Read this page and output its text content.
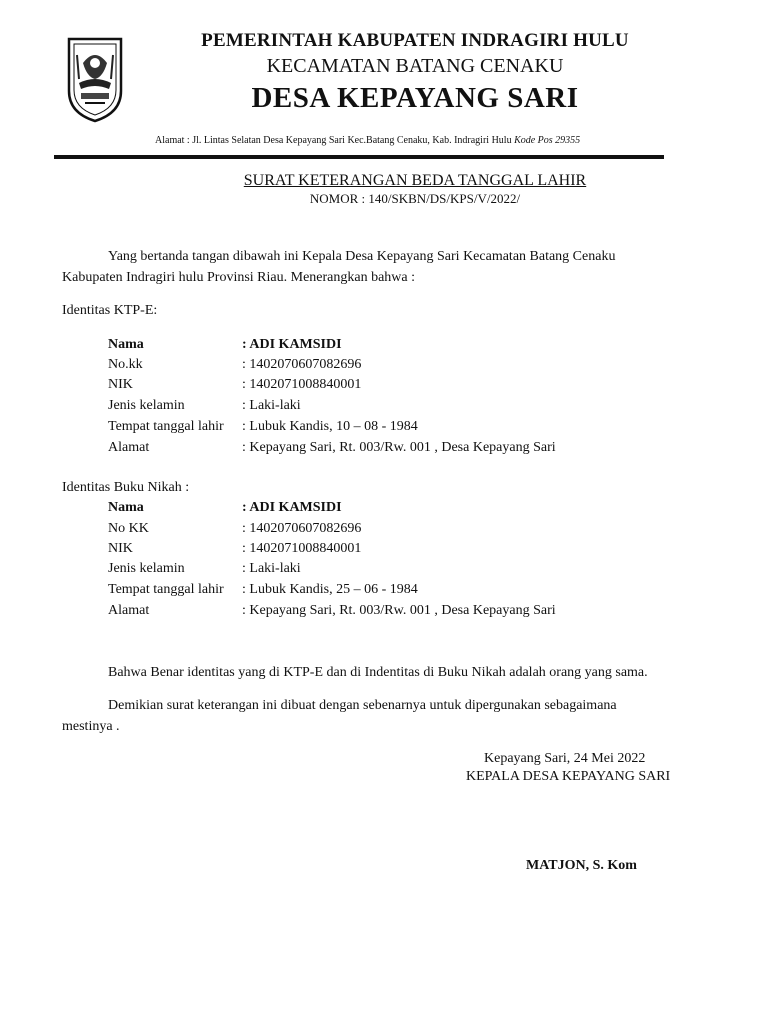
PEMERINTAH KABUPATEN INDRAGIRI HULU
KECAMATAN BATANG CENAKU
DESA KEPAYANG SARI
Alamat : Jl. Lintas Selatan Desa Kepayang Sari Kec.Batang Cenaku, Kab. Indragiri Hulu Kode Pos 29355
SURAT KETERANGAN BEDA TANGGAL LAHIR
NOMOR : 140/SKBN/DS/KPS/V/2022/
Yang bertanda tangan dibawah ini Kepala Desa Kepayang Sari Kecamatan Batang Cenaku
Kabupaten Indragiri hulu Provinsi Riau. Menerangkan bahwa :
Identitas KTP-E:
Nama	: ADI KAMSIDI
No.kk	: 1402070607082696
NIK	: 1402071008840001
Jenis kelamin	: Laki-laki
Tempat tanggal lahir : Lubuk Kandis, 10 – 08 - 1984
Alamat	: Kepayang Sari, Rt. 003/Rw. 001 , Desa Kepayang Sari
Identitas Buku Nikah :
Nama	: ADI KAMSIDI
No KK	: 1402070607082696
NIK	: 1402071008840001
Jenis kelamin	: Laki-laki
Tempat tanggal lahir : Lubuk Kandis, 25 – 06 - 1984
Alamat	: Kepayang Sari, Rt. 003/Rw. 001 , Desa Kepayang Sari
Bahwa Benar identitas yang di KTP-E dan di Indentitas di Buku Nikah adalah orang yang sama.
Demikian surat keterangan ini dibuat dengan sebenarnya untuk dipergunakan sebagaimana
mestinya .
Kepayang Sari, 24 Mei 2022
KEPALA DESA KEPAYANG SARI
MATJON, S. Kom
